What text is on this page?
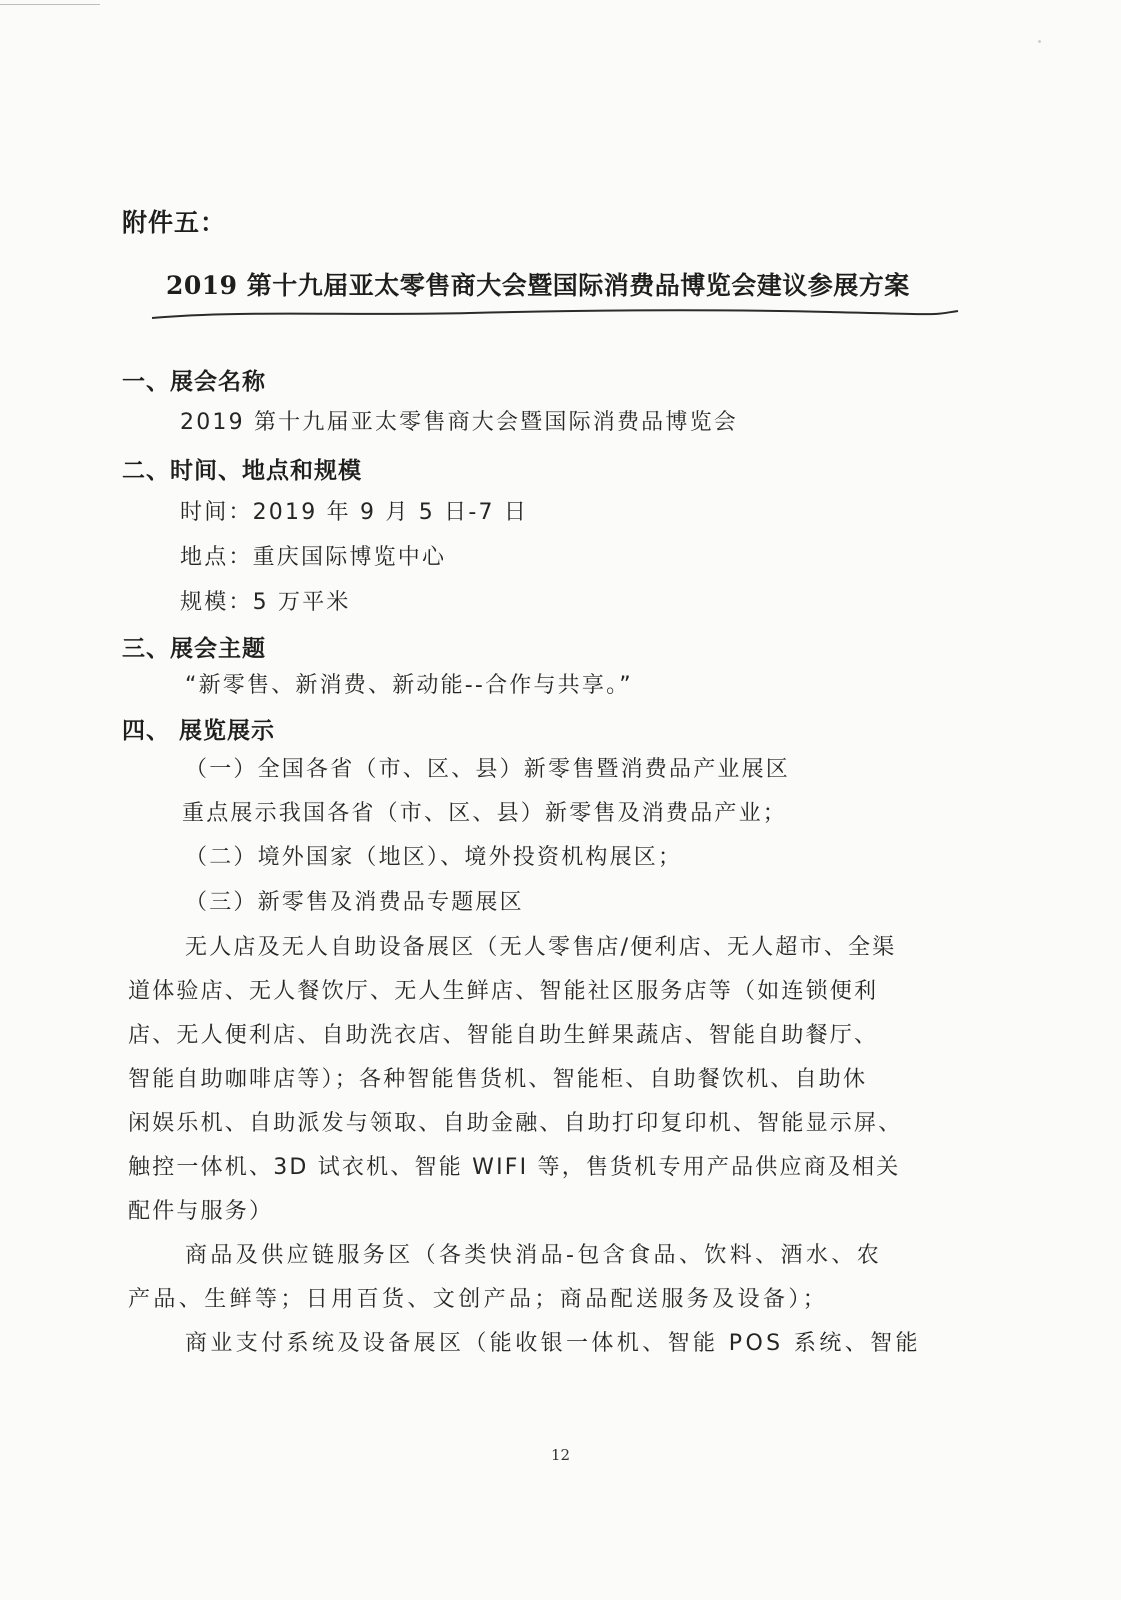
附件五：
2019 第十九届亚太零售商大会暨国际消费品博览会建议参展方案
一、展会名称
2019 第十九届亚太零售商大会暨国际消费品博览会
二、时间、地点和规模
时间：2019 年 9 月 5 日-7 日
地点：重庆国际博览中心
规模：5 万平米
三、展会主题
“新零售、新消费、新动能--合作与共享。”
四、 展览展示
（一）全国各省（市、区、县）新零售暨消费品产业展区
重点展示我国各省（市、区、县）新零售及消费品产业；
（二）境外国家（地区）、境外投资机构展区；
（三）新零售及消费品专题展区
无人店及无人自助设备展区（无人零售店/便利店、无人超市、全渠
道体验店、无人餐饮厅、无人生鲜店、智能社区服务店等（如连锁便利
店、无人便利店、自助洗衣店、智能自助生鲜果蔬店、智能自助餐厅、
智能自助咖啡店等）；各种智能售货机、智能柜、自助餐饮机、自助休
闲娱乐机、自助派发与领取、自助金融、自助打印复印机、智能显示屏、
触控一体机、3D 试衣机、智能 WIFI 等，售货机专用产品供应商及相关
配件与服务）
商品及供应链服务区（各类快消品-包含食品、饮料、酒水、农
产品、生鲜等；日用百货、文创产品；商品配送服务及设备）；
商业支付系统及设备展区（能收银一体机、智能 POS 系统、智能
12
